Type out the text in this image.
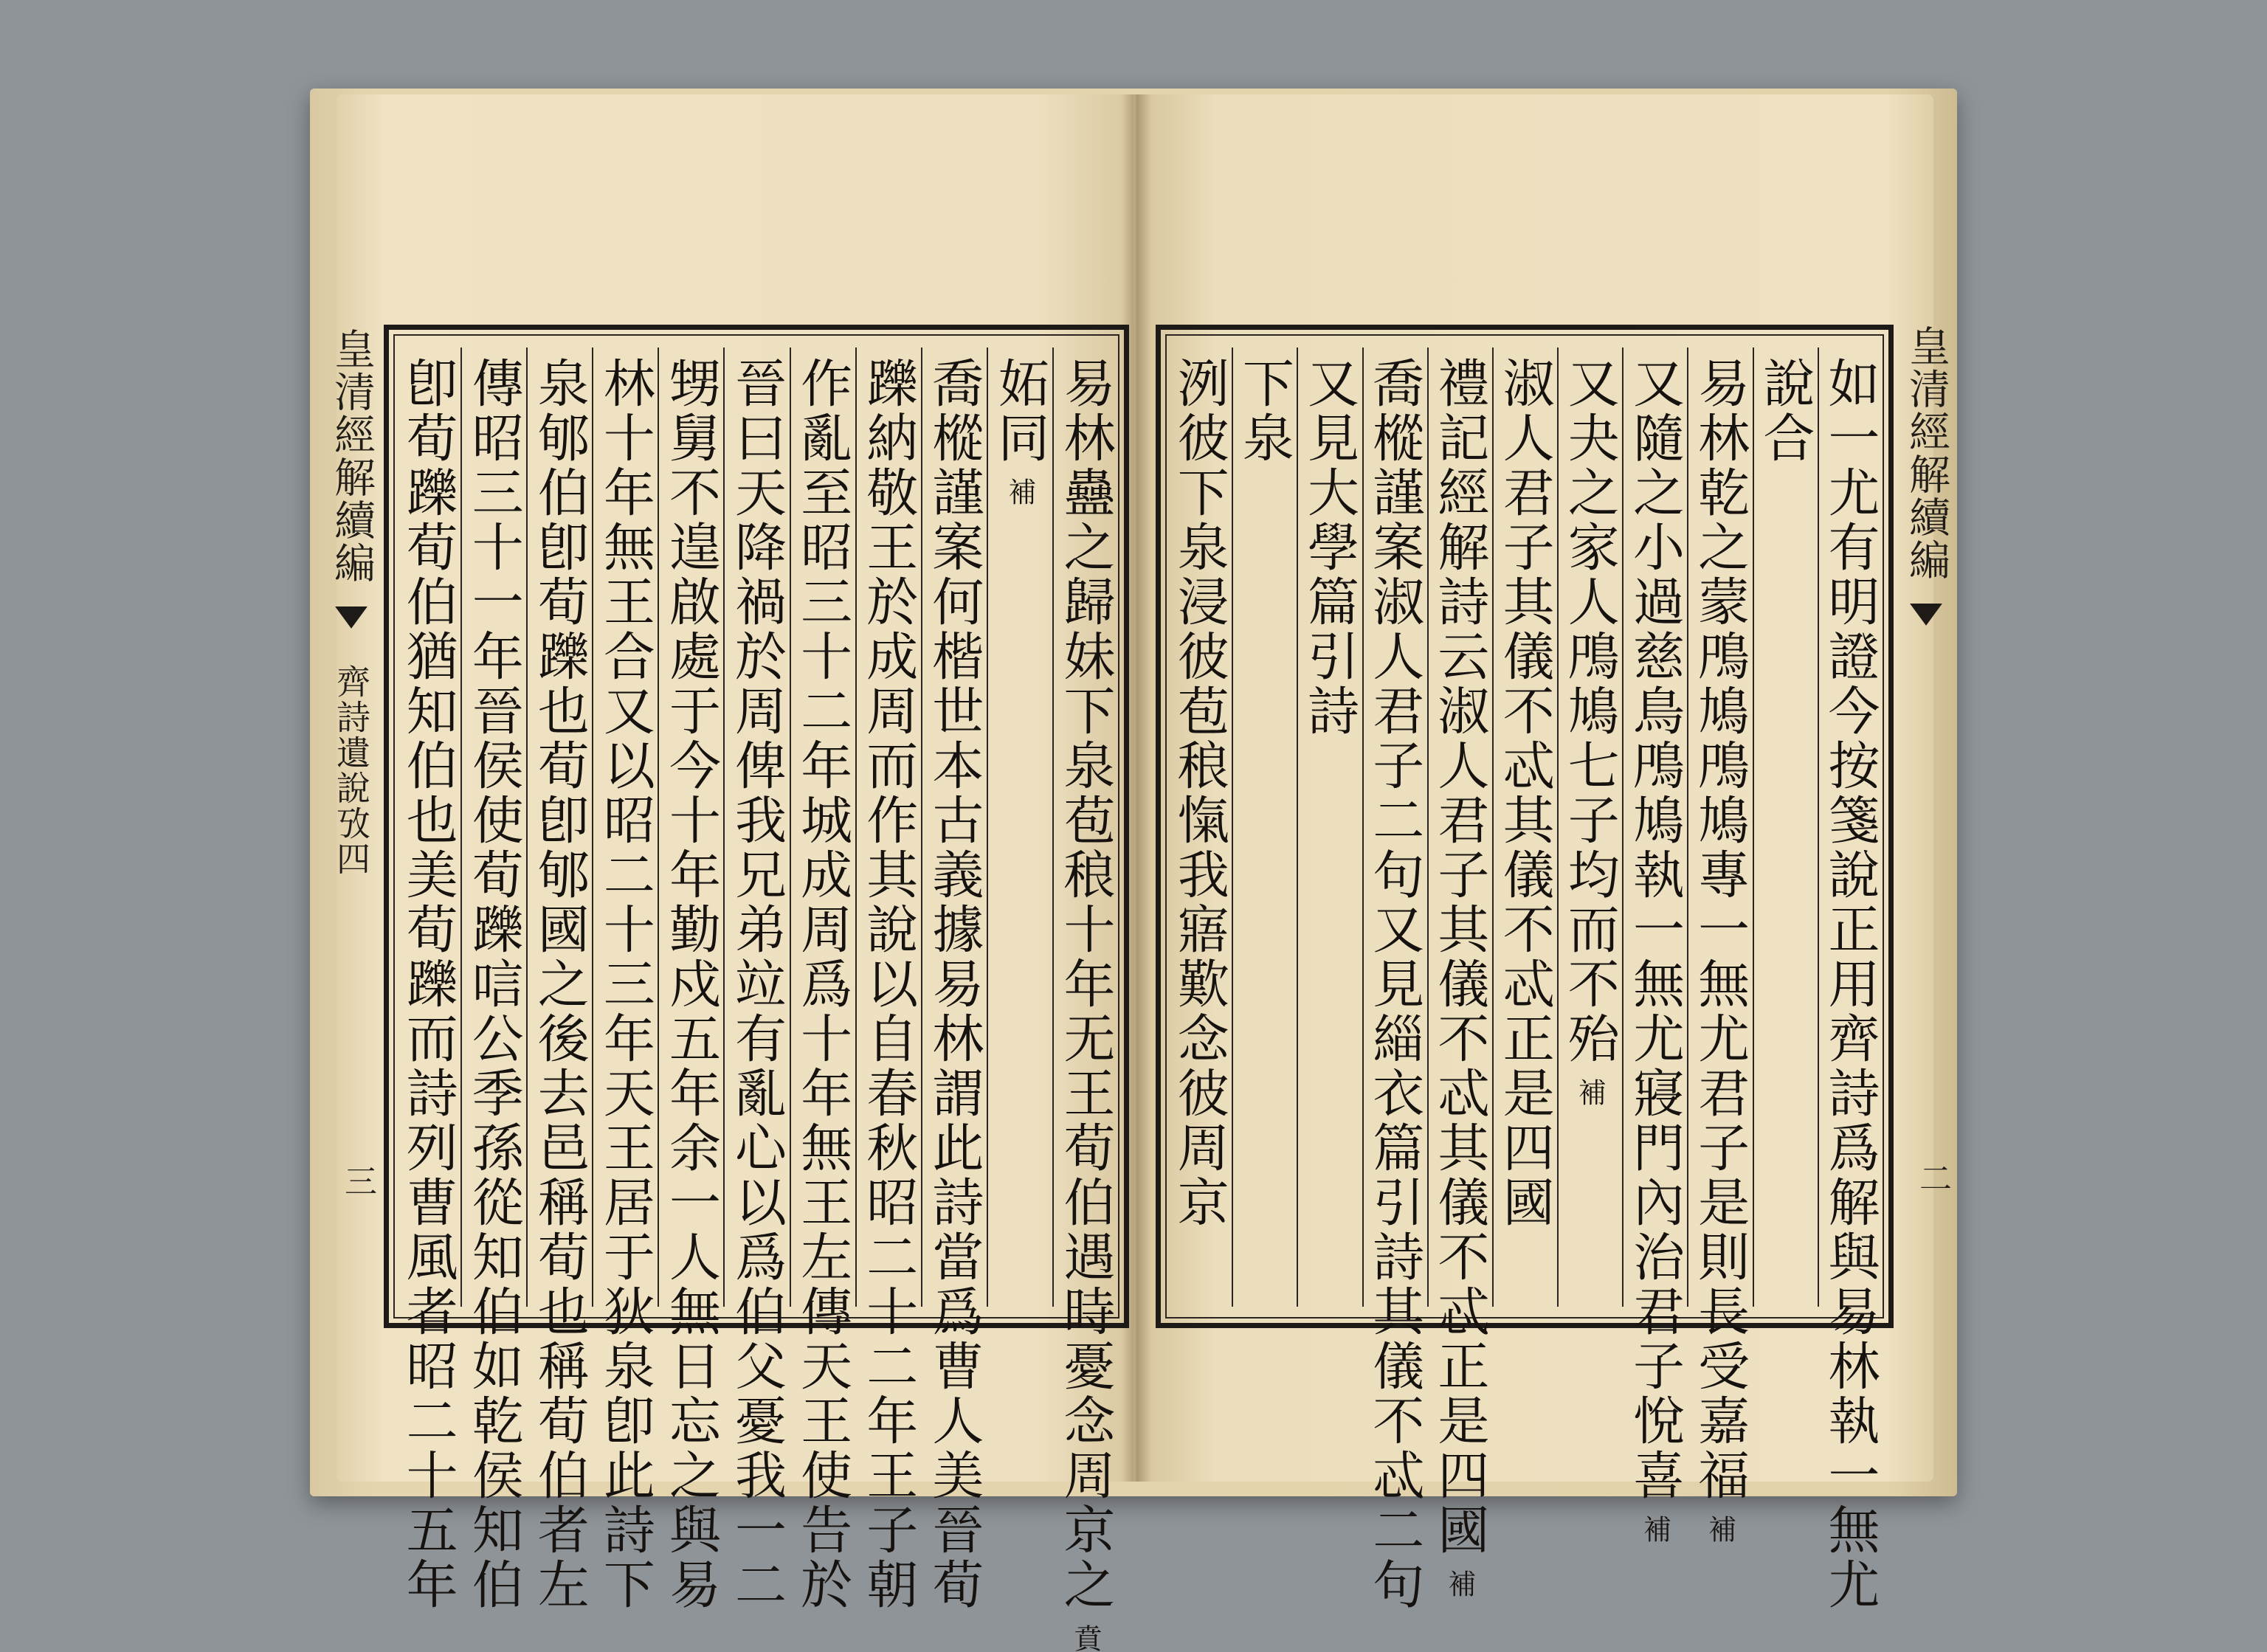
皇清經解續編  齊詩遺說攷四
三	易林蠱之歸妹下泉苞稂十年无王荀伯遇時憂念周京之賁
妬同補
喬樅謹案何楷世本古義據易林謂此詩當爲曹人美晉荀
躒納敬王於成周而作其說以自春秋昭二十二年王子朝
作亂至昭三十二年城成周爲十年無王左傳天王使告於
晉曰天降禍於周俾我兄弟竝有亂心以爲伯父憂我一二
甥舅不遑啟處于今十年勤戍五年余一人無日忘之與易
林十年無王合又以昭二十三年天王居于狄泉卽此詩下
泉郇伯卽荀躒也荀卽郇國之後去邑稱荀也稱荀伯者左
傳昭三十一年晉侯使荀躒唁公季孫從知伯如乾侯知伯
卽荀躒荀伯猶知伯也美荀躒而詩列曹風者昭二十五年	如一尤有明證今按箋說正用齊詩爲解與易林執一無尤
說合
易林乾之蒙鳲鳩鳲鳩專一無尤君子是則長受嘉福補
又隨之小過慈鳥鳲鳩執一無尤寢門內治君子悅喜補
又夬之家人鳲鳩七子均而不殆補
淑人君子其儀不忒其儀不忒正是四國
禮記經解詩云淑人君子其儀不忒其儀不忒正是四國補
喬樅謹案淑人君子二句又見緇衣篇引詩其儀不忒二句
又見大學篇引詩
下泉
洌彼下泉浸彼苞稂愾我寤歎念彼周京	皇清經解續編
二
